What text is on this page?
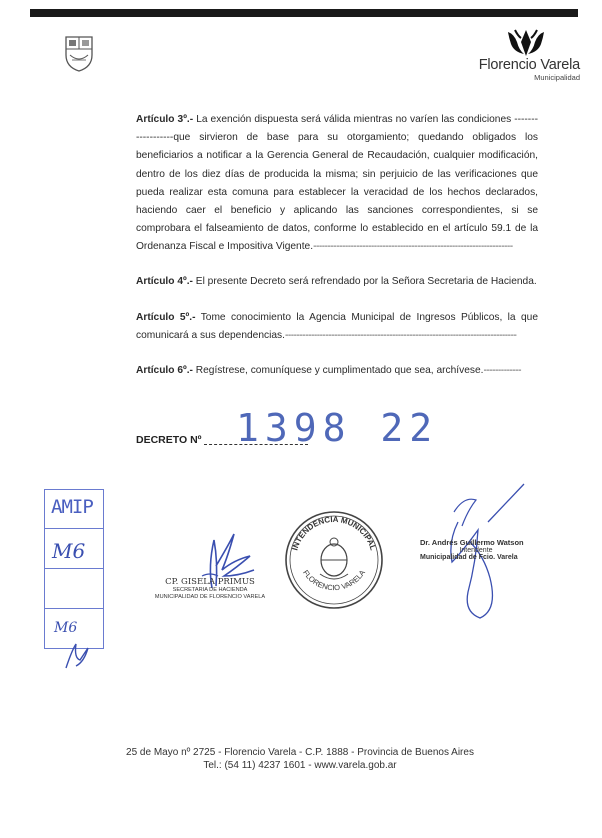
Florencio Varela
Municipalidad
Artículo 3º.- La exención dispuesta será válida mientras no varíen las condiciones ------------------que sirvieron de base para su otorgamiento; quedando obligados los beneficiarios a notificar a la Gerencia General de Recaudación, cualquier modificación, dentro de los diez días de producida la misma; sin perjuicio de las verificaciones que pueda realizar esta comuna para establecer la veracidad de los hechos declarados, haciendo caer el beneficio y aplicando las sanciones correspondientes, si se comprobara el falseamiento de datos, conforme lo establecido en el artículo 59.1 de la Ordenanza Fiscal e Impositiva Vigente.---------------------------------------------------------------------
Artículo 4º.- El presente Decreto será refrendado por la Señora Secretaria de Hacienda.
Artículo 5º.- Tome conocimiento la Agencia Municipal de Ingresos Públicos, la que comunicará a sus dependencias.--------------------------------------------------------------------------------
Artículo 6º.- Regístrese, comuníquese y cumplimentado que sea, archívese.-------------
DECRETO Nº 1398 22
AMIP
M6
M6
CP. GISELA PRIMUS
SECRETARIA DE HACIENDA
MUNICIPALIDAD DE FLORENCIO VARELA
INTENDENCIA MUNICIPAL
FLORENCIO VARELA
Dr. Andrés Guillermo Watson
Intendente
Municipalidad de Fcio. Varela
25 de Mayo nº 2725 - Florencio Varela - C.P. 1888 - Provincia de Buenos Aires
Tel.: (54 11) 4237 1601 - www.varela.gob.ar
